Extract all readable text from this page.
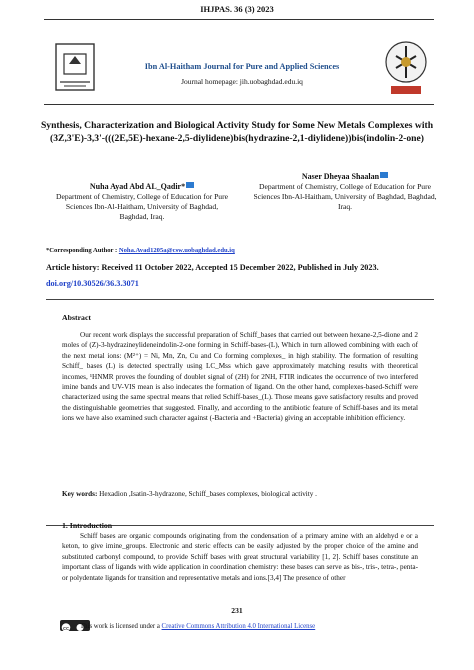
IHJPAS. 36 (3) 2023
Ibn Al-Haitham Journal for Pure and Applied Sciences
Journal homepage: jih.uobaghdad.edu.iq
Synthesis, Characterization and Biological Activity Study for Some New Metals Complexes with (3Z,3'E)-3,3'-(((2E,5E)-hexane-2,5-diylidene)bis(hydrazine-2,1-diylidene))bis(indolin-2-one)
Nuha Ayad Abd AL_Qadir*
Department of Chemistry, College of Education for Pure Sciences Ibn-Al-Haitham, University of Baghdad, Baghdad, Iraq.
Naser Dheyaa Shaalan
Department of Chemistry, College of Education for Pure Sciences Ibn-Al-Haitham, University of Baghdad, Baghdad, Iraq.
*Corresponding Author : Noha.Avad1205a@csw.uobaghdad.edu.iq
Article history: Received 11 October 2022, Accepted 15 December 2022, Published in July 2023.
doi.org/10.30526/36.3.3071
Abstract
Our recent work displays the successful preparation of Schiff_bases that carried out between hexane-2,5-dione and 2 moles of (Z)-3-hydrazineylideneindolin-2-one forming in Schiff-bases-(L), Which in turn allowed combining with each of the next metal ions: (M²⁺) = Ni, Mn, Zn, Cu and Co forming complexes_ in high stability. The formation of resulting Schiff_ bases (L) is detected spectrally using LC_Mss which gave approximately matching results with theoretical incomes, ¹HNMR proves the founding of doublet signal of (2H) for 2NH, FTIR indicates the occurrence of two interfered imine bands and UV-VIS mean is also indecates the formation of ligand. On the other hand, complexes-based-Schiff were characterized using the same spectral means that relied Schiff-bases_(L). Those means gave satisfactory results and proved the distinguishable geometries that suggested. Finally, and according to the antibiotic feature of Schiff-bases and its metal ions we have also examined such character against (-Bacteria and +Bacteria) giving an acceptable inhibition efficiency.
Key words: Hexadion ,Isatin-3-hydrazone, Schiff_bases complexes, biological activity .
1. Introduction
Schiff bases are organic compounds originating from the condensation of a primary amine with an aldehyd e or a keton, to give imine_groups. Electronic and steric effects can be easily adjusted by the proper choice of the amine and substituted carbonyl compound, to provide Schiff bases with great structural variability [1, 2]. Schiff bases constitute an important class of ligands with wide application in coordination chemistry: these bases can serve as bis-, tris-, tetra-, penta- or polydentate ligands for transition and representative metals and ions.[3,4] The presence of other
231
cc This work is licensed under a Creative Commons Attribution 4.0 International License
